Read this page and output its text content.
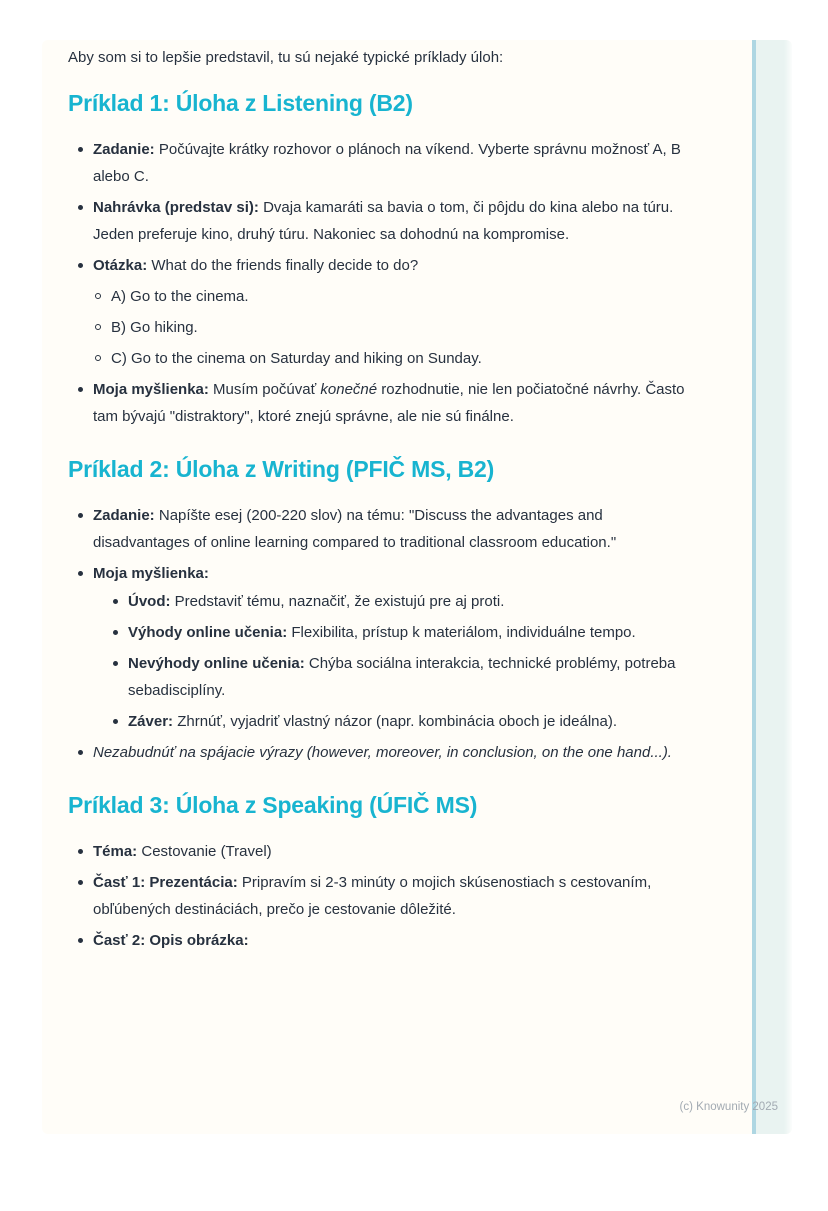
Aby som si to lepšie predstavil, tu sú nejaké typické príklady úloh:

Príklad 1: Úloha z Listening (B2)
Zadanie: Počúvajte krátky rozhovor o plánoch na víkend. Vyberte správnu možnosť A, B alebo C.
Nahrávka (predstav si): Dvaja kamaráti sa bavia o tom, či pôjdu do kina alebo na túru. Jeden preferuje kino, druhý túru. Nakoniec sa dohodnú na kompromise.
Otázka: What do the friends finally decide to do?
A) Go to the cinema.
B) Go hiking.
C) Go to the cinema on Saturday and hiking on Sunday.
Moja myšlienka: Musím počúvať konečné rozhodnutie, nie len počiatočné návrhy. Často tam bývajú "distraktory", ktoré znejú správne, ale nie sú finálne.
Príklad 2: Úloha z Writing (PFIČ MS, B2)
Zadanie: Napíšte esej (200-220 slov) na tému: "Discuss the advantages and disadvantages of online learning compared to traditional classroom education."
Moja myšlienka:
Úvod: Predstaviť tému, naznačiť, že existujú pre aj proti.
Výhody online učenia: Flexibilita, prístup k materiálom, individuálne tempo.
Nevýhody online učenia: Chýba sociálna interakcia, technické problémy, potreba sebadisciplíny.
Záver: Zhrnúť, vyjadriť vlastný názor (napr. kombinácia oboch je ideálna).
Nezabudnúť na spájacie výrazy (however, moreover, in conclusion, on the one hand...).
Príklad 3: Úloha z Speaking (ÚFIČ MS)
Téma: Cestovanie (Travel)
Časť 1: Prezentácia: Pripravím si 2-3 minúty o mojich skúsenostiach s cestovaním, obľúbených destináciách, prečo je cestovanie dôležité.
Časť 2: Opis obrázka:
(c) Knowunity 2025
